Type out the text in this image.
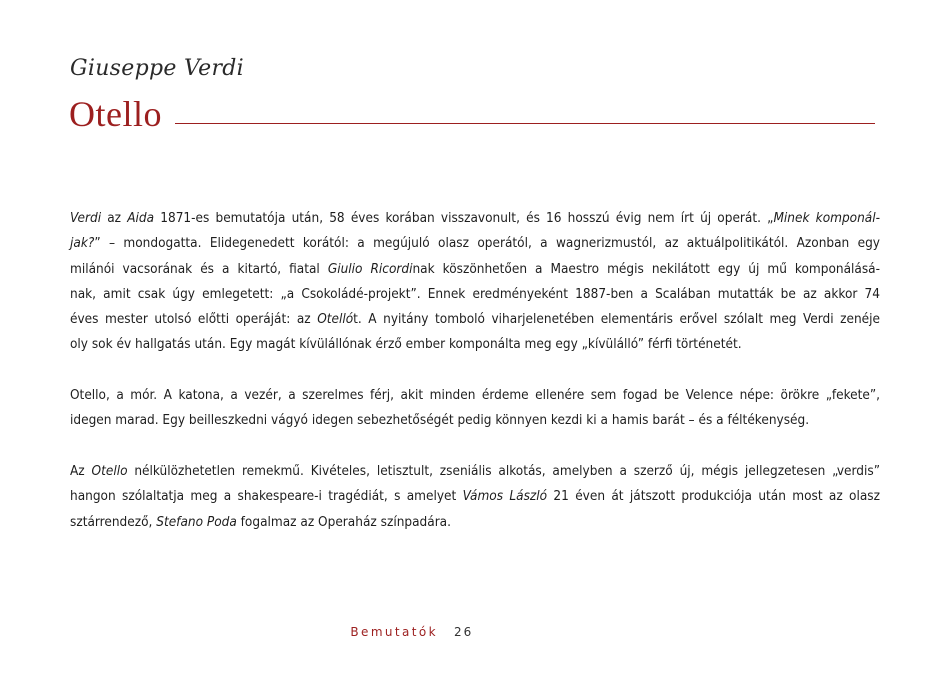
Giuseppe Verdi
Otello

Verdi az Aida 1871-es bemutatója után, 58 éves korában visszavonult, és 16 hosszú évig nem írt új operát. „Minek komponál-
jak?” – mondogatta. Elidegenedett korától: a megújuló olasz operától, a wagnerizmustól, az aktuálpolitikától. Azonban egy
milánói vacsorának és a kitartó, fiatal Giulio Ricordinak köszönhetően a Maestro mégis nekilátott egy új mű komponálásá-
nak, amit csak úgy emlegetett: „a Csokoládé-projekt”. Ennek eredményeként 1887-ben a Scalában mutatták be az akkor 74
éves mester utolsó előtti operáját: az Otellót. A nyitány tomboló viharjelenetében elementáris erővel szólalt meg Verdi zenéje
oly sok év hallgatás után. Egy magát kívülállónak érző ember komponálta meg egy „kívülálló” férfi történetét.

Otello, a mór. A katona, a vezér, a szerelmes férj, akit minden érdeme ellenére sem fogad be Velence népe: örökre „fekete”,
idegen marad. Egy beilleszkedni vágyó idegen sebezhetőségét pedig könnyen kezdi ki a hamis barát – és a féltékenység.

Az Otello nélkülözhetetlen remekmű. Kivételes, letisztult, zseniális alkotás, amelyben a szerző új, mégis jellegzetesen „verdis”
hangon szólaltatja meg a shakespeare-i tragédiát, s amelyet Vámos László 21 éven át játszott produkciója után most az olasz
sztárrendező, Stefano Poda fogalmaz az Operaház színpadára.

Bemutatók 26
